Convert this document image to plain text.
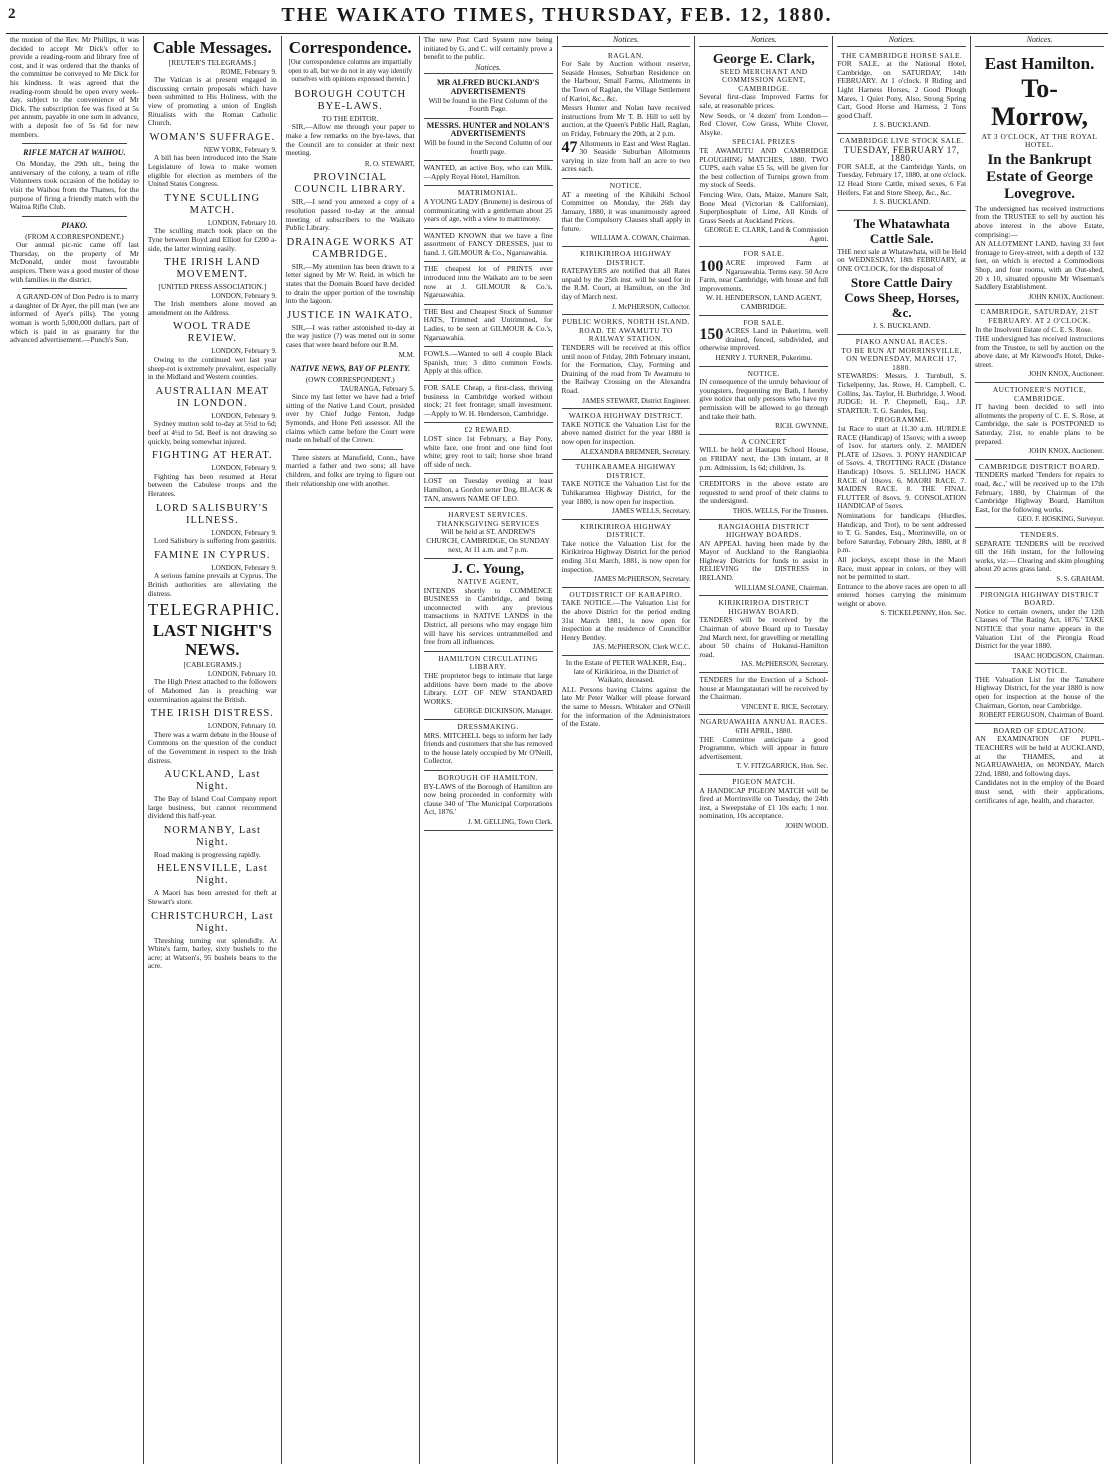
2	THE WAIKATO TIMES, THURSDAY, FEB. 12, 1880.

the motion of the Rev. Mr Phillips, it was decided to accept Mr Dick's offer to provide a reading-room and library free of cost, and it was ordered that the thanks of the committee be conveyed to Mr Dick for his kindness. It was agreed that the reading-room should be open every week-day, subject to the convenience of Mr Dick. The subscription fee was fixed at 5s per annum, payable in one sum in advance, with a deposit fee of 5s 6d for new members.

RIFLE MATCH AT WAIHOU.

On Monday, the 29th ult., being the anniversary of the colony, a team of rifle Volunteers took occasion of the holiday to visit the Waihou from the Thames, for the purpose of firing a friendly match with the Waitoa Rifle Club.

PIAKO.
(FROM A CORRESPONDENT.)

Our annual pic-nic came off last Thursday, on the property of Mr McDonald, under most favourable auspices. There was a good muster of those with families in the district.

A GRAND-ON of Don Pedro is to marry a daughter of Dr Ayer, the pill man (we are informed of Ayer's pills). The young woman is worth 5,000,000 dollars, part of which is paid in as guaranty for the advanced advertisement.—Punch's Sun.

Cable Messages.
[REUTER'S TELEGRAMS.]
ROME, February 9.

The Vatican is at present engaged in discussing certain proposals which have been submitted to His Holiness, with the view of promoting a union of English Ritualists with the Roman Catholic Church.

WOMAN'S SUFFRAGE.
NEW YORK, February 9.

A bill has been introduced into the State Legislature of Iowa to make women eligible for election as members of the United States Congress.

TYNE SCULLING MATCH.
LONDON, February 10.

The sculling match took place on the Tyne between Boyd and Elliott for £200 a-side, the latter winning easily.

THE IRISH LAND MOVEMENT.
[UNITED PRESS ASSOCIATION.]
LONDON, February 9.

The Irish members alone moved an amendment on the Address.

WOOL TRADE REVIEW.
LONDON, February 9.

Owing to the continued wet last year sheep-rot is extremely prevalent, especially in the Midland and Western counties.

AUSTRALIAN MEAT IN LONDON.
LONDON, February 9.

Sydney mutton sold to-day at 5½d to 6d; beef at 4½d to 5d. Beef is not drawing so quickly, being somewhat injured.

FIGHTING AT HERAT.
LONDON, February 9.

Fighting has been resumed at Herat between the Cabulese troops and the Heratees.

LORD SALISBURY'S ILLNESS.
LONDON, February 9.

Lord Salisbury is suffering from gastritis.

FAMINE IN CYPRUS.
LONDON, February 9.

A serious famine prevails at Cyprus. The British authorities are alleviating the distress.

TELEGRAPHIC.
LAST NIGHT'S NEWS.
[CABLEGRAMS.]
LONDON, February 10.

The High Priest attached to the followers of Mahomed Jan is preaching war extermination against the British.

THE IRISH DISTRESS.
LONDON, February 10.

There was a warm debate in the House of Commons on the question of the conduct of the Government in respect to the Irish distress.

AUCKLAND, Last Night.

The Bay of Island Coal Company report large business, but cannot recommend dividend this half-year.

NORMANBY, Last Night.

Road making is progressing rapidly.

HELENSVILLE, Last Night.

A Maori has been arrested for theft at Stewart's store.

CHRISTCHURCH, Last Night.

Threshing turning out splendidly. At White's farm, barley, sixty bushels to the acre; at Watson's, 95 bushels beans to the acre.

Correspondence.

[Our correspondence columns are impartially open to all, but we do not in any way identify ourselves with opinions expressed therein.]

BOROUGH COUTCH BYE-LAWS.
TO THE EDITOR.

SIR,—Allow me through your paper to make a few remarks on the bye-laws, that the Council are to consider at their next meeting.

R. O. STEWART,
PROVINCIAL COUNCIL LIBRARY.

SIR,—I send you annexed a copy of a resolution passed to-day at the annual meeting of subscribers to the Waikato Public Library.

DRAINAGE WORKS AT CAMBRIDGE.

SIR,—My attention has been drawn to a letter signed by Mr W. Reid, in which he states that the Domain Board have decided to drain the upper portion of the township into the lagoon.

JUSTICE IN WAIKATO.

SIR,—I was rather astonished to-day at the way justice (?) was meted out in some cases that were heard before our R.M.

M.M.
NATIVE NEWS, BAY OF PLENTY.
(OWN CORRESPONDENT.)
TAURANGA, February 5.

Since my last letter we have had a brief sitting of the Native Land Court, presided over by Chief Judge Fenton, Judge Symonds, and Hone Peti assessor. All the claims which came before the Court were made on behalf of the Crown.

Three sisters at Mansfield, Conn., have married a father and two sons; all have children, and folks are trying to figure out their relationship one with another.

The new Post Card System now being initiated by G. and C. will certainly prove a benefit to the public.

Notices.
MR ALFRED BUCKLAND'S ADVERTISEMENTS

Will be found in the First Column of the Fourth Page.

MESSRS. HUNTER and NOLAN'S ADVERTISEMENTS

Will be found in the Second Column of our fourth page.

WANTED, an active Boy, who can Milk.—Apply Royal Hotel, Hamilton.

MATRIMONIAL.

A YOUNG LADY (Brunette) is desirous of communicating with a gentleman about 25 years of age, with a view to matrimony.

WANTED KNOWN that we have a fine assortment of FANCY DRESSES, just to hand. J. GILMOUR & Co., Ngaruawahia.

THE cheapest lot of PRINTS ever introduced into the Waikato are to be seen now at J. GILMOUR & Co.'s, Ngaruawahia.

THE Best and Cheapest Stock of Summer HATS, Trimmed and Untrimmed, for Ladies, to be seen at GILMOUR & Co.'s, Ngaruawahia.

FOWLS.—Wanted to sell 4 couple Black Spanish, true; 3 ditto common Fowls. Apply at this office.

FOR SALE Cheap, a first-class, thriving business in Cambridge worked without stock; 21 feet frontage; small investment.—Apply to W. H. Henderson, Cambridge.

£2 REWARD.

LOST since 1st February, a Bay Pony, white face, one front and one hind foot white; grey root to tail; horse shoe brand off side of neck.

LOST on Tuesday evening at least Hamilton, a Gordon setter Dog, BLACK & TAN, answers NAME OF LEO.

HARVEST SERVICES. THANKSGIVING SERVICES

Will be held at ST. ANDREW'S CHURCH, CAMBRIDGE, On SUNDAY next, At 11 a.m. and 7 p.m.

J. C. Young,
NATIVE AGENT,

INTENDS shortly to COMMENCE BUSINESS in Cambridge, and being unconnected with any previous transactions in NATIVE LANDS in the District, all persons who may engage him will have his services untrammelled and free from all influences.

HAMILTON CIRCULATING LIBRARY.

THE proprietor begs to intimate that large additions have been made to the above Library. LOT OF NEW STANDARD WORKS.

GEORGE DICKINSON, Manager.
DRESSMAKING.

MRS. MITCHELL begs to inform her lady friends and customers that she has removed to the house lately occupied by Mr O'Neill, Collector.

BOROUGH OF HAMILTON.

BY-LAWS of the Borough of Hamilton are now being proceeded in conformity with clause 340 of 'The Municipal Corporations Act, 1876.'

J. M. GELLING, Town Clerk.
Notices.
RAGLAN.

For Sale by Auction without reserve, Seaside Houses, Suburban Residence on the Harbour, Small Farms, Allotments in the Town of Raglan, the Village Settlement of Karioi, &c., &c.

Messrs Hunter and Nolan have received instructions from Mr T. B. Hill to sell by auction, at the Queen's Public Hall, Raglan, on Friday, February the 20th, at 2 p.m.

47 Allotments in East and West Raglan. 30 Seaside Suburban Allotments varying in size from half an acre to two acres each.

NOTICE.

AT a meeting of the Kihikihi School Committee on Monday, the 26th day January, 1880, it was unanimously agreed that the Compulsory Clauses shall apply in future.

WILLIAM A. COWAN, Chairman.
KIRIKIRIROA HIGHWAY DISTRICT.

RATEPAYERS are notified that all Rates unpaid by the 25th inst. will be sued for in the R.M. Court, at Hamilton, on the 3rd day of March next.

J. McPHERSON, Collector.
PUBLIC WORKS, NORTH ISLAND.
ROAD. TE AWAMUTU TO RAILWAY STATION.

TENDERS will be received at this office until noon of Friday, 20th February instant, for the Formation, Clay, Forming and Draining of the road from Te Awamutu to the Railway Crossing on the Alexandra Road.

JAMES STEWART, District Engineer.
WAIKOA HIGHWAY DISTRICT.

TAKE NOTICE the Valuation List for the above named district for the year 1880 is now open for inspection.

ALEXANDRA BREMNER, Secretary.
TUHIKARAMEA HIGHWAY DISTRICT.

TAKE NOTICE the Valuation List for the Tuhikaramea Highway District, for the year 1880, is now open for inspection.

JAMES WELLS, Secretary.
KIRIKIRIROA HIGHWAY DISTRICT.

Take notice the Valuation List for the Kirikiriroa Highway District for the period ending 31st March, 1881, is now open for inspection.

JAMES McPHERSON, Secretary.
OUTDISTRICT OF KARAPIRO.

TAKE NOTICE.—The Valuation List for the above District for the period ending 31st March 1881, is now open for inspection at the residence of Councillor Henry Bentley.

JAS. McPHERSON, Clerk W.C.C.

In the Estate of PETER WALKER, Esq., late of Kirikiriroa, in the District of Waikato, deceased.

ALL Persons having Claims against the late Mr Peter Walker will please forward the same to Messrs. Whitaker and O'Neill for the information of the Administrators of the Estate.

Notices.
George E. Clark,
SEED MERCHANT AND COMMISSION AGENT, CAMBRIDGE.

Several first-class Improved Farms for sale, at reasonable prices.

New Seeds, or '4 dozen' from London—Red Clover, Cow Grass, White Clover, Alsyke.

SPECIAL PRIZES

TE AWAMUTU AND CAMBRIDGE PLOUGHING MATCHES, 1880. TWO CUPS, each value £5 5s, will be given for the best collection of Turnips grown from my stock of Seeds.

Fencing Wire, Oats, Maize, Manure Salt, Bone Meal (Victorian & Californian), Superphosphate of Lime, All Kinds of Grass Seeds at Auckland Prices.

GEORGE E. CLARK, Land & Commission Agent.
FOR SALE.

100 ACRE improved Farm at Ngaruawahia. Terms easy. 50 Acre Farm, near Cambridge, with house and full improvements.

W. H. HENDERSON, LAND AGENT, CAMBRIDGE.
FOR SALE.

150 ACRES Land in Pukerimu, well drained, fenced, subdivided, and otherwise improved.

HENRY J. TURNER, Pukerimu.
NOTICE.

IN consequence of the unruly behaviour of youngsters, frequenting my Bath, I hereby give notice that only persons who have my permission will be allowed to go through and take their bath.

RICH. GWYNNE.
A CONCERT

WILL be held at Hautapu School House, on FRIDAY next, the 13th instant, at 8 p.m. Admission, 1s 6d; children, 1s.

CREDITORS in the above estate are requested to send proof of their claims to the undersigned.

THOS. WELLS, For the Trustees.
RANGIAOHIA DISTRICT HIGHWAY BOARDS.

AN APPEAL having been made by the Mayor of Auckland to the Rangiaohia Highway Districts for funds to assist in RELIEVING the DISTRESS in IRELAND.

WILLIAM SLOANE, Chairman.
KIRIKIRIROA DISTRICT HIGHWAY BOARD.

TENDERS will be received by the Chairman of above Board up to Tuesday 2nd March next, for gravelling or metalling about 50 chains of Hukanui-Hamilton road.

JAS. McPHERSON, Secretary.

TENDERS for the Erection of a School-house at Maungatautari will be received by the Chairman.

VINCENT E. RICE, Secretary.
NGARUAWAHIA ANNUAL RACES.
6TH APRIL, 1880.

THE Committee anticipate a good Programme, which will appear in future advertisement.

T. V. FITZGARRICK, Hon. Sec.
PIGEON MATCH.

A HANDICAP PIGEON MATCH will be fired at Morrinsville on Tuesday, the 24th inst, a Sweepstake of £1 10s each; 1 nor. nomination, 10s acceptance.

JOHN WOOD.
Notices.
THE CAMBRIDGE HORSE SALE.

FOR SALE, at the National Hotel, Cambridge, on SATURDAY, 14th FEBRUARY. At 1 o'clock. 8 Riding and Light Harness Horses, 2 Good Plough Mares, 1 Quiet Pony, Also, Strong Spring Cart, Good Horse and Harness, 2 Tons good Chaff.

J. S. BUCKLAND.
CAMBRIDGE LIVE STOCK SALE.
TUESDAY, FEBRUARY 17, 1880.

FOR SALE, at the Cambridge Yards, on Tuesday, February 17, 1880, at one o'clock. 12 Head Store Cattle, mixed sexes, 6 Fat Heifers, Fat and Store Sheep, &c., &c.

J. S. BUCKLAND.
The Whatawhata Cattle Sale.

THE next sale at Whatawhata, will be Held on WEDNESDAY, 18th FEBRUARY, at ONE O'CLOCK, for the disposal of

Store Cattle Dairy Cows Sheep, Horses, &c.
J. S. BUCKLAND.
PIAKO ANNUAL RACES.
TO BE RUN AT MORRINSVILLE, ON WEDNESDAY, MARCH 17, 1880.

STEWARDS: Messrs. J. Turnbull, S. Tickelpenny, Jas. Rowe, H. Campbell, C. Collins, Jas. Taylor, H. Burbridge, J. Wood. JUDGE: H. P. Chepmell, Esq., J.P. STARTER: T. G. Sandes, Esq.

PROGRAMME.

1st Race to start at 11.30 a.m. HURDLE RACE (Handicap) of 15sovs; with a sweep of 1sov. for starters only. 2. MAIDEN PLATE of 12sovs. 3. PONY HANDICAP of 5sovs. 4. TROTTING RACE (Distance Handicap) 10sovs. 5. SELLING HACK RACE of 10sovs. 6. MAORI RACE. 7. MAIDEN RACE. 8. THE FINAL FLUTTER of 8sovs. 9. CONSOLATION HANDICAP of 5sovs.

Nominations for handicaps (Hurdles, Handicap, and Trot), to be sent addressed to T. G. Sandes, Esq., Morrinsville, on or before Saturday, February 28th, 1880, at 8 p.m.

All jockeys, except those in the Maori Race, must appear in colors, or they will not be permitted to start.

Entrance to the above races are open to all entered horses carrying the minimum weight or above.

S. TICKELPENNY, Hon. Sec.
Notices.
East Hamilton.
To-Morrow,
AT 3 O'CLOCK, AT THE ROYAL HOTEL.
In the Bankrupt Estate of George Lovegrove.

The undersigned has received instructions from the TRUSTEE to sell by auction his above interest in the above Estate, comprising:—

AN ALLOTMENT LAND, having 33 feet frontage to Grey-street, with a depth of 132 feet, on which is erected a Commodious Shop, and four rooms, with an Out-shed, 20 x 10, situated opposite Mr Wiseman's Saddlery Establishment.

JOHN KNOX, Auctioneer.
CAMBRIDGE, SATURDAY, 21ST FEBRUARY. AT 2 O'CLOCK.

In the Insolvent Estate of C. E. S. Rose.

THE undersigned has received instructions from the Trustee, to sell by auction on the above date, at Mr Kirwood's Hotel, Duke-street.

JOHN KNOX, Auctioneer.
AUCTIONEER'S NOTICE, CAMBRIDGE.

IT having been decided to sell into allotments the property of C. E. S. Rose, at Cambridge, the sale is POSTPONED to Saturday, 21st, to enable plans to be prepared.

JOHN KNOX, Auctioneer.
CAMBRIDGE DISTRICT BOARD.

TENDERS marked 'Tenders for repairs to road, &c.,' will be received up to the 17th February, 1880, by Chairman of the Cambridge Highway Board, Hamilton East, for the following works.

GEO. F. HOSKING, Surveyor.
TENDERS.

SEPARATE TENDERS will be received till the 16th instant, for the following works, viz:— Clearing and skim ploughing about 20 acres grass land.

S. S. GRAHAM.
PIRONGIA HIGHWAY DISTRICT BOARD.

Notice to certain owners, under the 12th Clauses of 'The Rating Act, 1876.' TAKE NOTICE that your name appears in the Valuation List of the Pirongia Road District for the year 1880.

ISAAC HODGSON, Chairman.
TAKE NOTICE.

THE Valuation List for the Tamahere Highway District, for the year 1880 is now open for inspection at the house of the Chairman, Gorton, near Cambridge.

ROBERT FERGUSON, Chairman of Board.
BOARD OF EDUCATION.

AN EXAMINATION OF PUPIL-TEACHERS will be held at AUCKLAND, at the THAMES, and at NGARUAWAHIA, on MONDAY, March 22nd, 1880, and following days.

Candidates not in the employ of the Board must send, with their applications, certificates of age, health, and character.
